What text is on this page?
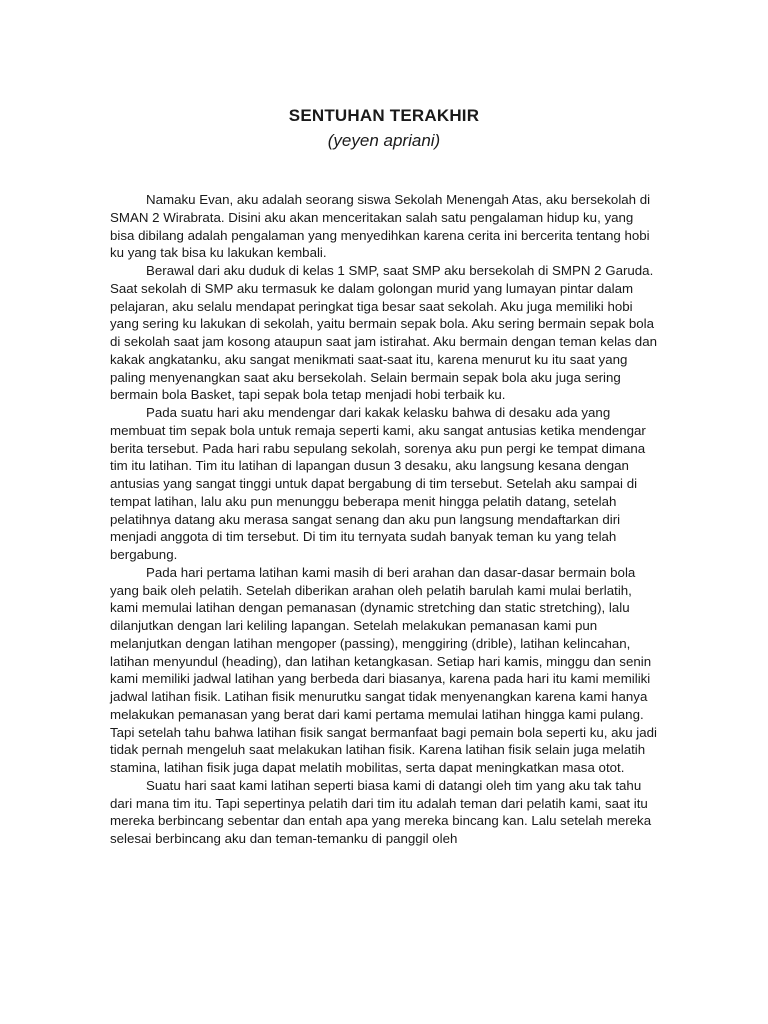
SENTUHAN TERAKHIR
(yeyen apriani)

Namaku Evan, aku adalah seorang siswa Sekolah Menengah Atas, aku bersekolah di SMAN 2 Wirabrata. Disini aku akan menceritakan salah satu pengalaman hidup ku, yang bisa dibilang adalah pengalaman yang menyedihkan karena cerita ini bercerita tentang hobi ku yang tak bisa ku lakukan kembali.

Berawal dari aku duduk di kelas 1 SMP, saat SMP aku bersekolah di SMPN 2 Garuda. Saat sekolah di SMP aku termasuk ke dalam golongan murid yang lumayan pintar dalam pelajaran, aku selalu mendapat peringkat tiga besar saat sekolah. Aku juga memiliki hobi yang sering ku lakukan di sekolah, yaitu bermain sepak bola. Aku sering bermain sepak bola di sekolah saat jam kosong ataupun saat jam istirahat. Aku bermain dengan teman kelas dan kakak angkatanku, aku sangat menikmati saat-saat itu, karena menurut ku itu saat yang paling menyenangkan saat aku bersekolah. Selain bermain sepak bola aku juga sering bermain bola Basket, tapi sepak bola tetap menjadi hobi terbaik ku.

Pada suatu hari aku mendengar dari kakak kelasku bahwa di desaku ada yang membuat tim sepak bola untuk remaja seperti kami, aku sangat antusias ketika mendengar berita tersebut. Pada hari rabu sepulang sekolah, sorenya aku pun pergi ke tempat dimana tim itu latihan. Tim itu latihan di lapangan dusun 3 desaku, aku langsung kesana dengan antusias yang sangat tinggi untuk dapat bergabung di tim tersebut. Setelah aku sampai di tempat latihan, lalu aku pun menunggu beberapa menit hingga pelatih datang, setelah pelatihnya datang aku merasa sangat senang dan aku pun langsung mendaftarkan diri menjadi anggota di tim tersebut. Di tim itu ternyata sudah banyak teman ku yang telah bergabung.

Pada hari pertama latihan kami masih di beri arahan dan dasar-dasar bermain bola yang baik oleh pelatih. Setelah diberikan arahan oleh pelatih barulah kami mulai berlatih, kami memulai latihan dengan pemanasan (dynamic stretching dan static stretching), lalu dilanjutkan dengan lari keliling lapangan. Setelah melakukan pemanasan kami pun melanjutkan dengan latihan mengoper (passing), menggiring (drible), latihan kelincahan, latihan menyundul (heading), dan latihan ketangkasan. Setiap hari kamis, minggu dan senin kami memiliki jadwal latihan yang berbeda dari biasanya, karena pada hari itu kami memiliki jadwal latihan fisik. Latihan fisik menurutku sangat tidak menyenangkan karena kami hanya melakukan pemanasan yang berat dari kami pertama memulai latihan hingga kami pulang. Tapi setelah tahu bahwa latihan fisik sangat bermanfaat bagi pemain bola seperti ku, aku jadi tidak pernah mengeluh saat melakukan latihan fisik. Karena latihan fisik selain juga melatih stamina, latihan fisik juga dapat melatih mobilitas, serta dapat meningkatkan masa otot.

Suatu hari saat kami latihan seperti biasa kami di datangi oleh tim yang aku tak tahu dari mana tim itu. Tapi sepertinya pelatih dari tim itu adalah teman dari pelatih kami, saat itu mereka berbincang sebentar dan entah apa yang mereka bincang kan. Lalu setelah mereka selesai berbincang aku dan teman-temanku di panggil oleh
